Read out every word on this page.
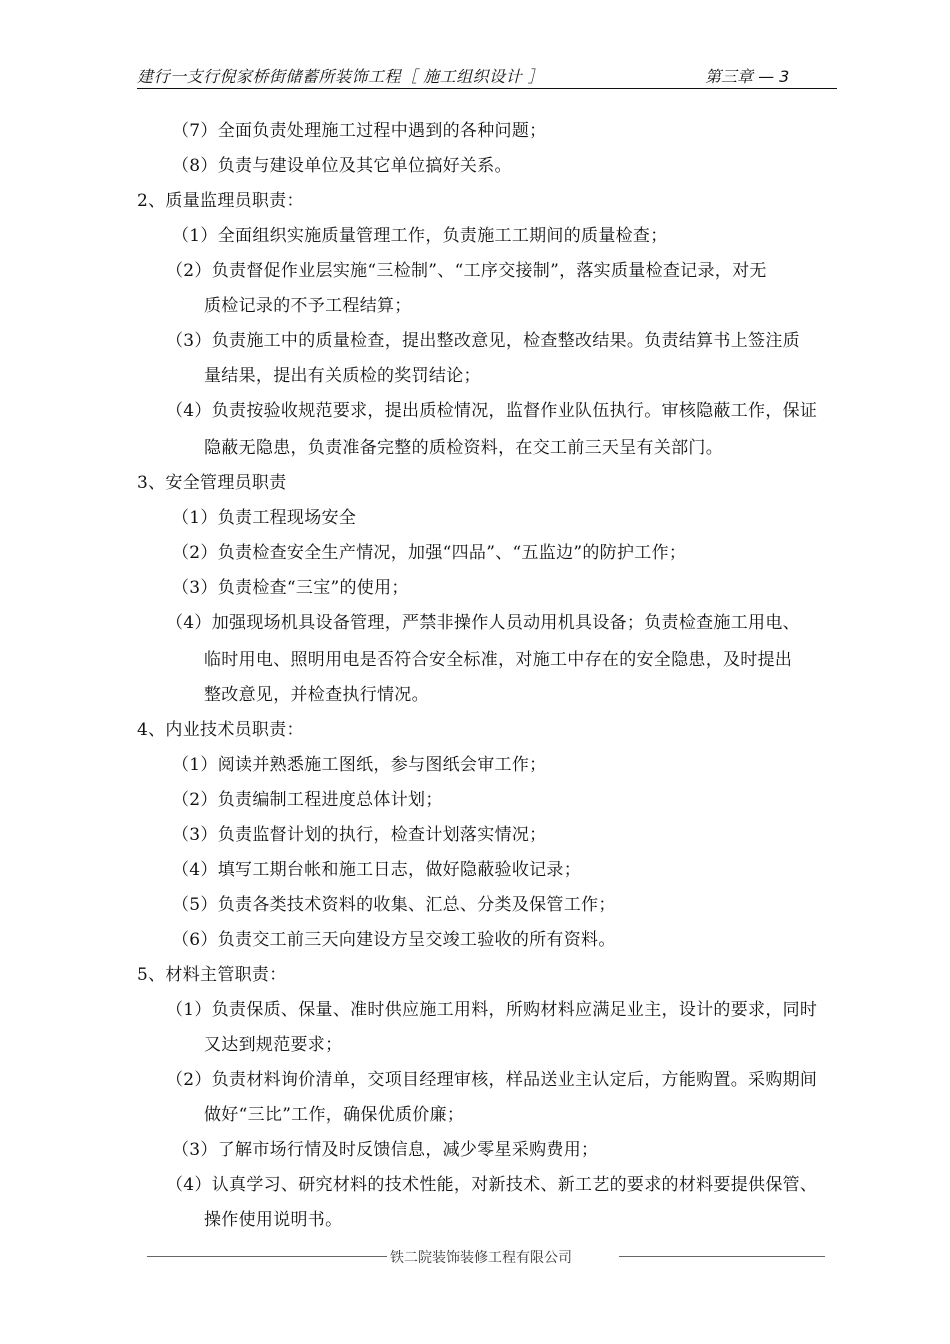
建行一支行倪家桥街储蓄所装饰工程［ 施工组织设计 ］	第三章 — 3
（7）全面负责处理施工过程中遇到的各种问题；
（8）负责与建设单位及其它单位搞好关系。
2、质量监理员职责：
（1）全面组织实施质量管理工作，负责施工工期间的质量检查；
（2）负责督促作业层实施“三检制”、“工序交接制”，落实质量检查记录，对无
质检记录的不予工程结算；
（3）负责施工中的质量检查，提出整改意见，检查整改结果。负责结算书上签注质
量结果，提出有关质检的奖罚结论；
（4）负责按验收规范要求，提出质检情况，监督作业队伍执行。审核隐蔽工作，保证
隐蔽无隐患，负责准备完整的质检资料，在交工前三天呈有关部门。
3、安全管理员职责
（1）负责工程现场安全
（2）负责检查安全生产情况，加强“四品”、“五监边”的防护工作；
（3）负责检查“三宝”的使用；
（4）加强现场机具设备管理，严禁非操作人员动用机具设备；负责检查施工用电、
临时用电、照明用电是否符合安全标准，对施工中存在的安全隐患，及时提出
整改意见，并检查执行情况。
4、内业技术员职责：
（1）阅读并熟悉施工图纸，参与图纸会审工作；
（2）负责编制工程进度总体计划；
（3）负责监督计划的执行，检查计划落实情况；
（4）填写工期台帐和施工日志，做好隐蔽验收记录；
（5）负责各类技术资料的收集、汇总、分类及保管工作；
（6）负责交工前三天向建设方呈交竣工验收的所有资料。
5、材料主管职责：
（1）负责保质、保量、准时供应施工用料，所购材料应满足业主，设计的要求，同时
又达到规范要求；
（2）负责材料询价清单，交项目经理审核，样品送业主认定后，方能购置。采购期间
做好“三比”工作，确保优质价廉；
（3）了解市场行情及时反馈信息，减少零星采购费用；
（4）认真学习、研究材料的技术性能，对新技术、新工艺的要求的材料要提供保管、
操作使用说明书。
铁二院装饰装修工程有限公司
